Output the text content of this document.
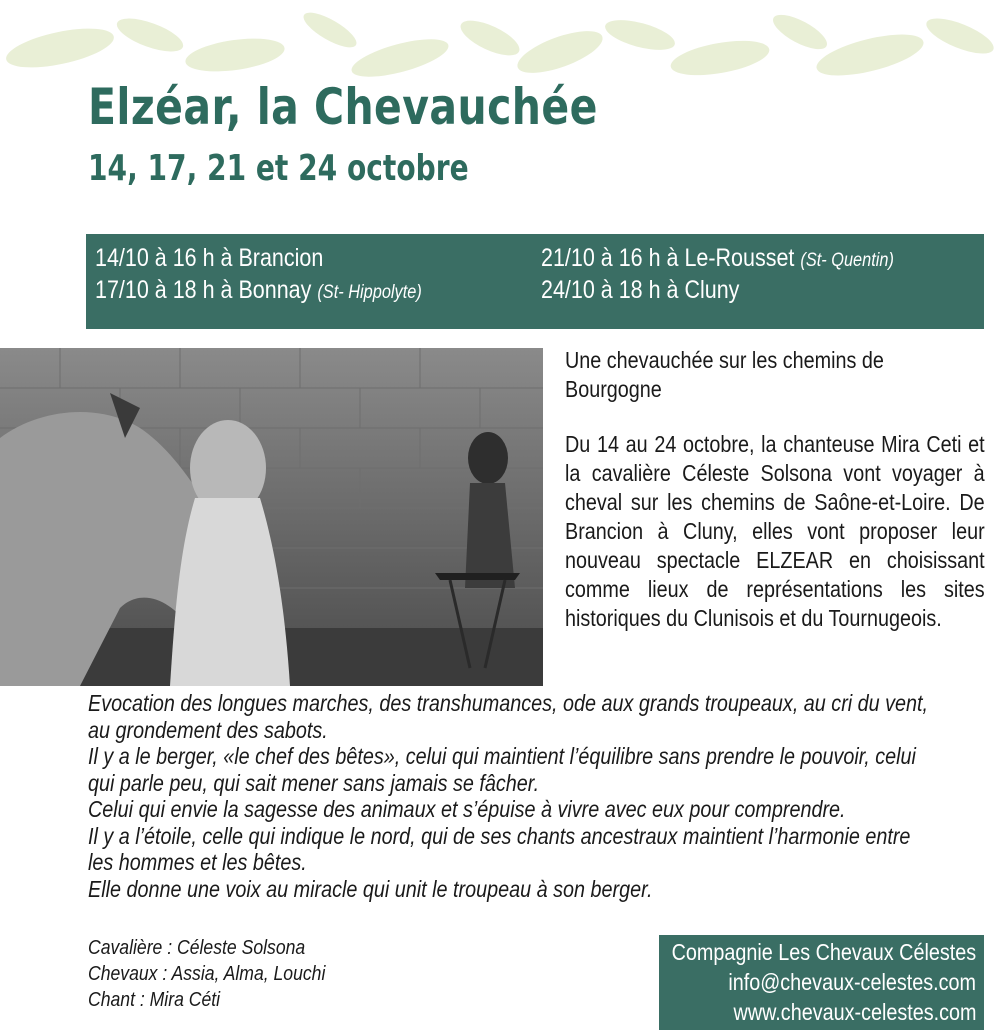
Elzéar, la Chevauchée
14, 17, 21 et 24 octobre
14/10 à 16 h à Brancion
17/10 à 18 h à Bonnay (St- Hippolyte)
21/10 à 16 h à Le-Rousset (St- Quentin)
24/10 à 18 h à Cluny

Une chevauchée sur les chemins de Bourgogne

Du 14 au 24 octobre, la chanteuse Mira Ceti et la cavalière Céleste Solsona vont voyager à cheval sur les chemins de Saône-et-Loire. De Brancion à Cluny, elles vont proposer leur nouveau spectacle ELZEAR en choisissant comme lieux de représentations les sites historiques du Clunisois et du Tournugeois.

Evocation des longues marches, des transhumances, ode aux grands troupeaux, au cri du vent,
au grondement des sabots.
Il y a le berger, «le chef des bêtes», celui qui maintient l’équilibre sans prendre le pouvoir, celui
qui parle peu, qui sait mener sans jamais se fâcher.
Celui qui envie la sagesse des animaux et s’épuise à vivre avec eux pour comprendre.
Il y a l’étoile, celle qui indique le nord, qui de ses chants ancestraux maintient l’harmonie entre
les hommes et les bêtes.
Elle donne une voix au miracle qui unit le troupeau à son berger.
Cavalière : Céleste Solsona
Chevaux : Assia, Alma, Louchi
Chant : Mira Céti
Compagnie Les Chevaux Célestes
info@chevaux-celestes.com
www.chevaux-celestes.com
